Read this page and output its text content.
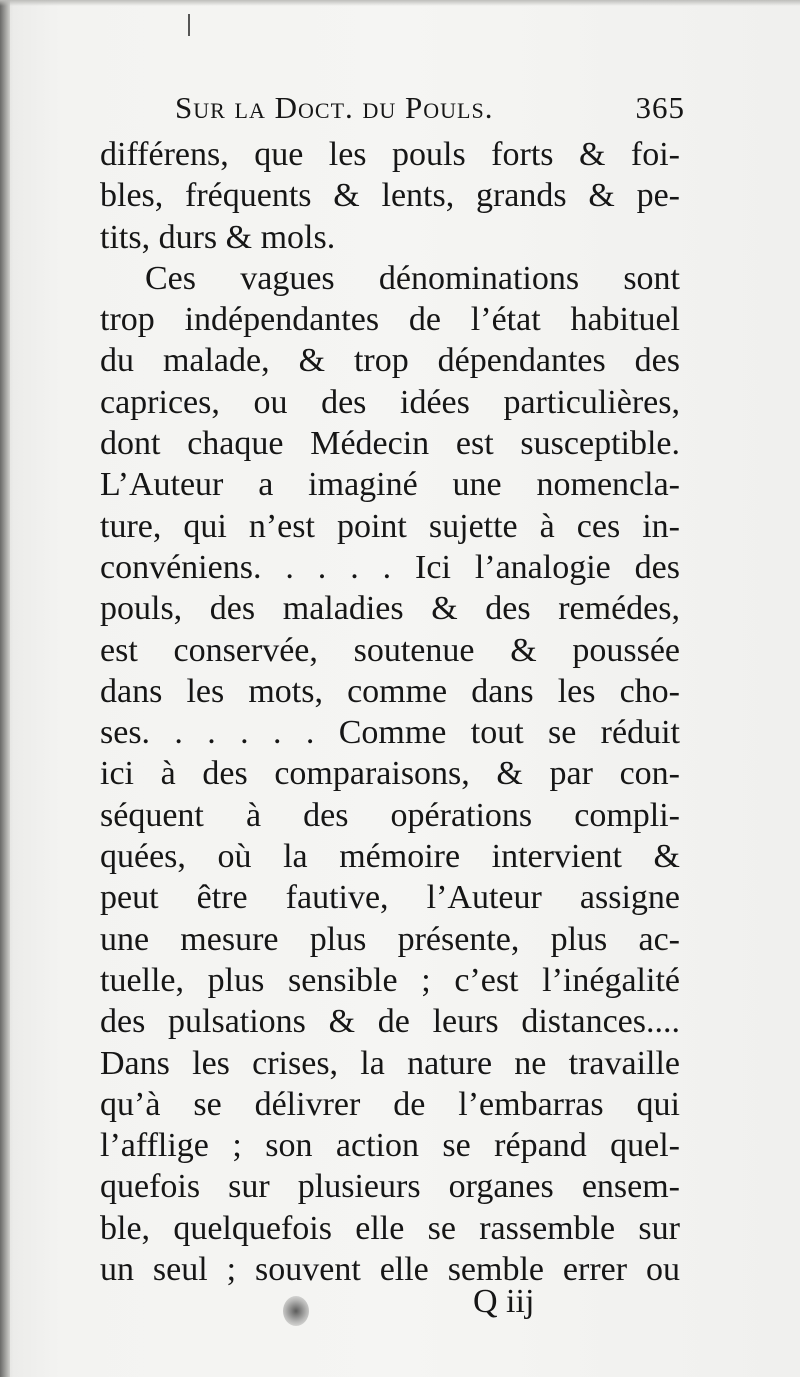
Sur la Doct. du Pouls.	365
différens, que les pouls forts & foi-
bles, fréquents & lents, grands & pe-
tits, durs & mols.
Ces vagues dénominations sont
trop indépendantes de l’état habituel
du malade, & trop dépendantes des
caprices, ou des idées particulières,
dont chaque Médecin est susceptible.
L’Auteur a imaginé une nomencla-
ture, qui n’est point sujette à ces in-
convéniens. . . . . Ici l’analogie des
pouls, des maladies & des remédes,
est conservée, soutenue & poussée
dans les mots, comme dans les cho-
ses. . . . . . Comme tout se réduit
ici à des comparaisons, & par con-
séquent à des opérations compli-
quées, où la mémoire intervient &
peut être fautive, l’Auteur assigne
une mesure plus présente, plus ac-
tuelle, plus sensible ; c’est l’inégalité
des pulsations & de leurs distances....
Dans les crises, la nature ne travaille
qu’à se délivrer de l’embarras qui
l’afflige ; son action se répand quel-
quefois sur plusieurs organes ensem-
ble, quelquefois elle se rassemble sur
un seul ; souvent elle semble errer ou
Q iij
